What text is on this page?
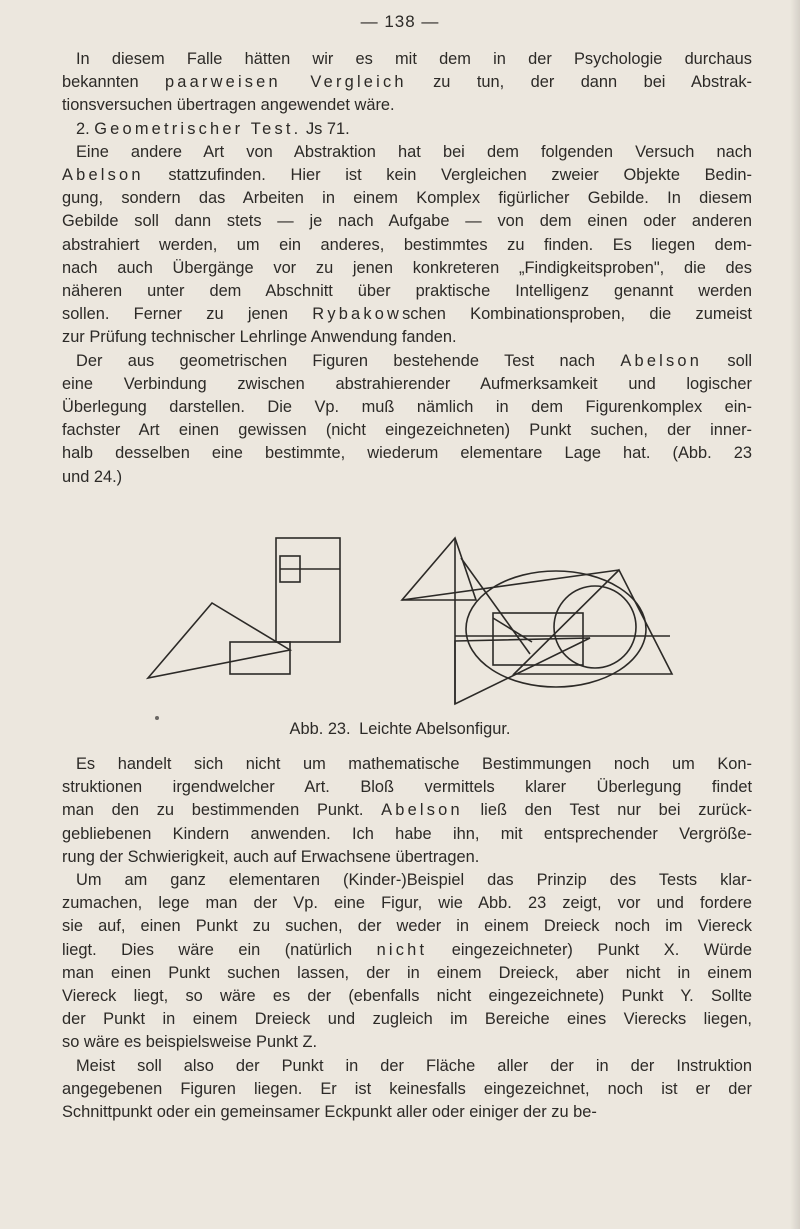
— 138 —

In diesem Falle hätten wir es mit dem in der Psychologie durchaus
bekannten paarweisen Vergleich zu tun, der dann bei Abstrak-
tionsversuchen übertragen angewendet wäre.

2. Geometrischer Test. Js 71.

Eine andere Art von Abstraktion hat bei dem folgenden Versuch nach
Abelson stattzufinden. Hier ist kein Vergleichen zweier Objekte Bedin-
gung, sondern das Arbeiten in einem Komplex figürlicher Gebilde. In diesem
Gebilde soll dann stets — je nach Aufgabe — von dem einen oder anderen
abstrahiert werden, um ein anderes, bestimmtes zu finden. Es liegen dem-
nach auch Übergänge vor zu jenen konkreteren „Findigkeitsproben", die des
näheren unter dem Abschnitt über praktische Intelligenz genannt werden
sollen. Ferner zu jenen Rybakowschen Kombinationsproben, die zumeist
zur Prüfung technischer Lehrlinge Anwendung fanden.

Der aus geometrischen Figuren bestehende Test nach Abelson soll
eine Verbindung zwischen abstrahierender Aufmerksamkeit und logischer
Überlegung darstellen. Die Vp. muß nämlich in dem Figurenkomplex ein-
fachster Art einen gewissen (nicht eingezeichneten) Punkt suchen, der inner-
halb desselben eine bestimmte, wiederum elementare Lage hat. (Abb. 23
und 24.)

Abb. 23. Leichte Abelsonfigur.

Es handelt sich nicht um mathematische Bestimmungen noch um Kon-
struktionen irgendwelcher Art. Bloß vermittels klarer Überlegung findet
man den zu bestimmenden Punkt. Abelson ließ den Test nur bei zurück-
gebliebenen Kindern anwenden. Ich habe ihn, mit entsprechender Vergröße-
rung der Schwierigkeit, auch auf Erwachsene übertragen.

Um am ganz elementaren (Kinder-)Beispiel das Prinzip des Tests klar-
zumachen, lege man der Vp. eine Figur, wie Abb. 23 zeigt, vor und fordere
sie auf, einen Punkt zu suchen, der weder in einem Dreieck noch im Viereck
liegt. Dies wäre ein (natürlich nicht eingezeichneter) Punkt X. Würde
man einen Punkt suchen lassen, der in einem Dreieck, aber nicht in einem
Viereck liegt, so wäre es der (ebenfalls nicht eingezeichnete) Punkt Y. Sollte
der Punkt in einem Dreieck und zugleich im Bereiche eines Vierecks liegen,
so wäre es beispielsweise Punkt Z.

Meist soll also der Punkt in der Fläche aller der in der Instruktion
angegebenen Figuren liegen. Er ist keinesfalls eingezeichnet, noch ist er der
Schnittpunkt oder ein gemeinsamer Eckpunkt aller oder einiger der zu be-
